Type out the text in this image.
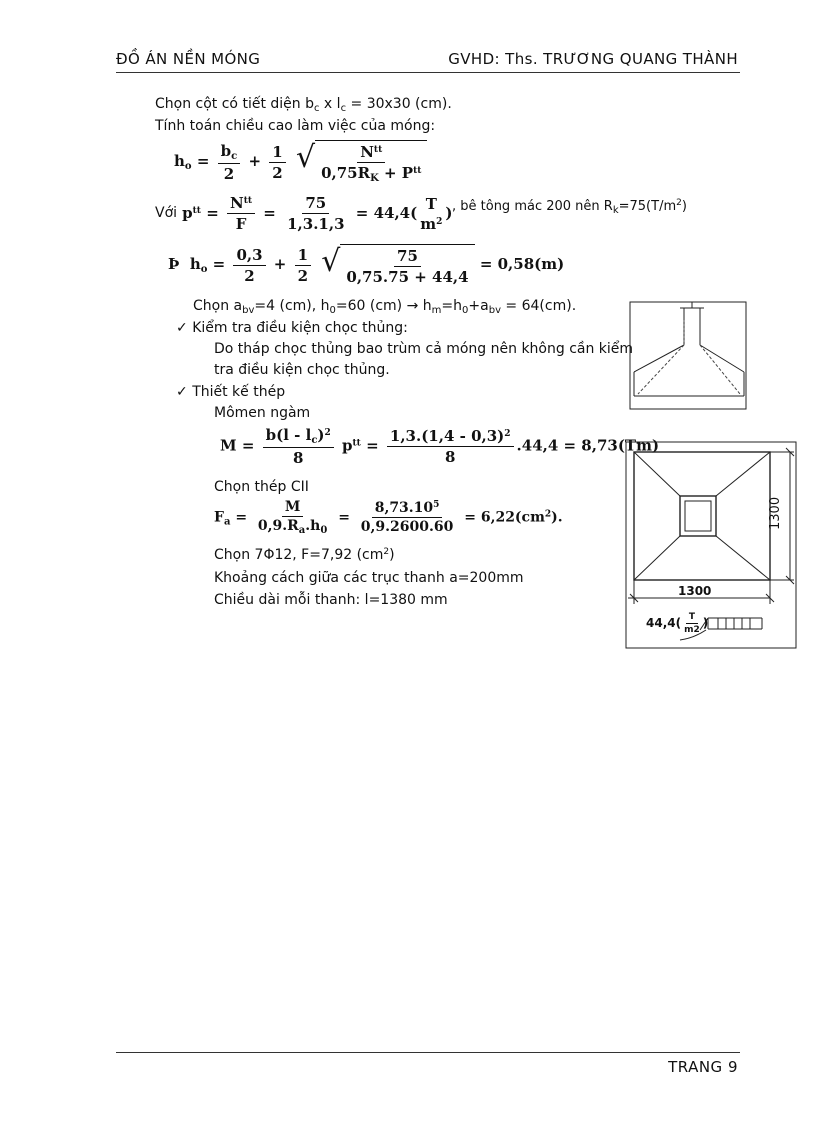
ĐỒ ÁN NỀN MÓNG	GVHD: Ths. TRƯƠNG QUANG THÀNH
Chọn cột có tiết diện $b_c$ x $l_c = 30x30$ (cm).
Tính toán chiều cao làm việc của móng:
$h_o = \frac{b_c}{2} + \frac{1}{2}$
√ $\frac{N^{tt}}{0,75R_K + P^{tt}}$
Với $p^{tt} = \frac{N^{tt}}{F} = \frac{75}{1,3.1,3} = 44,4$( T
$m^2$ ) , bê tông mác 200 nên $R_k=75(T/m^2)$
Þ $h_o = \frac{0,3}{2} + \frac{1}{2}$
√ $\frac{75}{0,75.75 + 44,4} = 0,58(m)$
Chọn $a_{bv}=4$ (cm), $h_0=60$ $(cm) \to h_m=h_0+a_{bv} = 64(cm)$.
✓ Kiểm tra điều kiện chọc thủng:
Do tháp chọc thủng bao trùm cả móng nên không cần kiểm
tra điều kiện chọc thủng.
✓ Thiết kế thép
Mômen ngàm
$M = \frac{b(l - l_c)^2}{8} p^{tt} = \frac{1,3.(1,4 - 0,3)^2}{8} .44,4 = 8,73(Tm)$
Chọn thép CII
$F_a = \frac{M}{0,9.R_a.h_0} = \frac{8,73.10^5}{0,9.2600.60} = 6,22(cm^2)$.
Chọn 7Φ12, F=7,92 $(cm^2)$
Khoảng cách giữa các trục thanh a=200mm
Chiều dài mỗi thanh: l=1380 mm
1300
1300
$44,4( \frac{T}{m2}$ )
TRANG 9
